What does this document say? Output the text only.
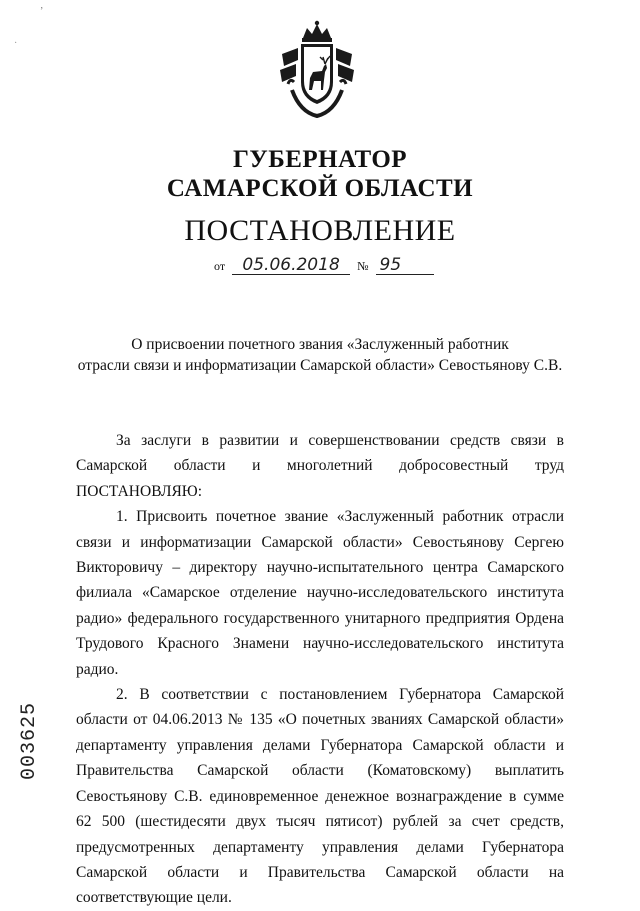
ʼ
·
ГУБЕРНАТОР
САМАРСКОЙ ОБЛАСТИ
ПОСТАНОВЛЕНИЕ
от 05.06.2018 № 95
О присвоении почетного звания «Заслуженный работник
отрасли связи и информатизации Самарской области» Севостьянову С.В.

За заслуги в развитии и совершенствовании средств связи в Самарской области и многолетний добросовестный труд ПОСТАНОВЛЯЮ:

1. Присвоить почетное звание «Заслуженный работник отрасли связи и информатизации Самарской области» Севостьянову Сергею Викторовичу – директору научно-испытательного центра Самарского филиала «Самарское отделение научно-исследовательского института радио» федерального государственного унитарного предприятия Ордена Трудового Красного Знамени научно-исследовательского института радио.

2. В соответствии с постановлением Губернатора Самарской области от 04.06.2013 № 135 «О почетных званиях Самарской области» департаменту управления делами Губернатора Самарской области и Правительства Самарской области (Коматовскому) выплатить Севостьянову С.В. единовременное денежное вознаграждение в сумме 62 500 (шестидесяти двух тысяч пятисот) рублей за счет средств, предусмотренных департаменту управления делами Губернатора Самарской области и Правительства Самарской области на соответствующие цели.

003625
